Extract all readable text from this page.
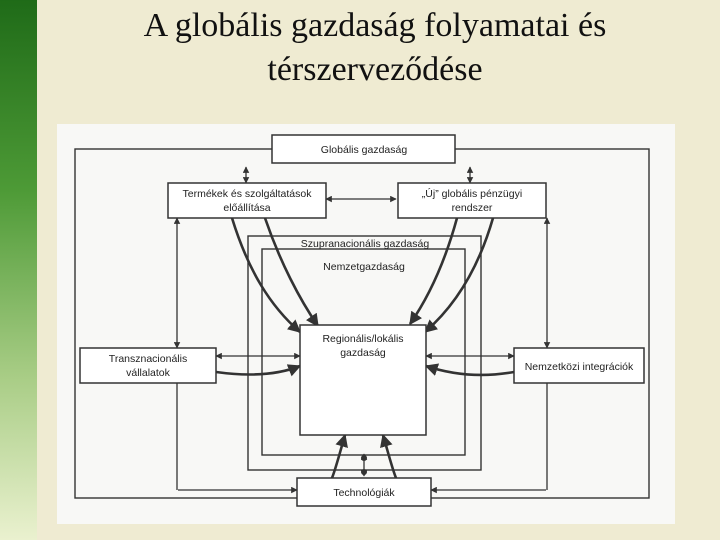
A globális gazdaság folyamatai és
térszerveződése
Globális gazdaság
Termékek és szolgáltatások
előállítása
„Új” globális pénzügyi
rendszer
Szupranacionális gazdaság
Nemzetgazdaság
Regionális/lokális
gazdaság
Transznacionális
vállalatok	Nemzetközi integrációk
Technológiák
